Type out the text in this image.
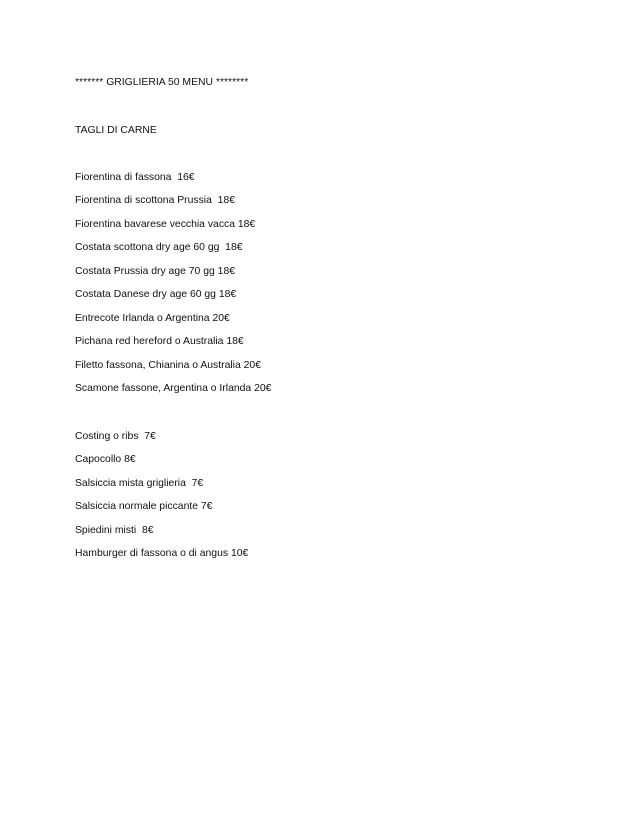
******* GRIGLIERIA 50 MENU ********
TAGLI DI CARNE
Fiorentina di fassona  16€
Fiorentina di scottona Prussia  18€
Fiorentina bavarese vecchia vacca 18€
Costata scottona dry age 60 gg  18€
Costata Prussia dry age 70 gg 18€
Costata Danese dry age 60 gg 18€
Entrecote Irlanda o Argentina 20€
Pichana red hereford o Australia 18€
Filetto fassona, Chianina o Australia 20€
Scamone fassone, Argentina o Irlanda 20€
Costing o ribs  7€
Capocollo 8€
Salsiccia mista griglieria  7€
Salsiccia normale piccante 7€
Spiedini misti  8€
Hamburger di fassona o di angus 10€
